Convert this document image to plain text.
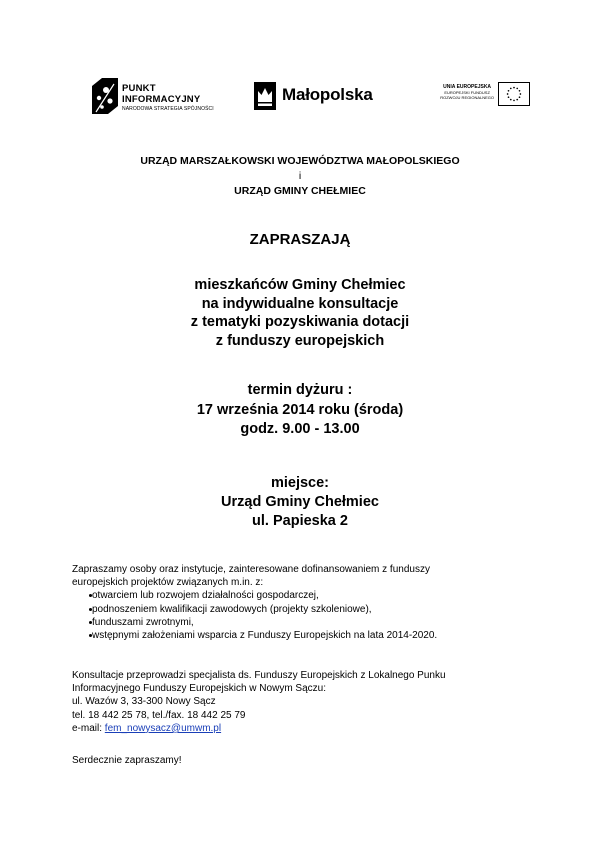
PUNKT
INFORMACYJNY
NARODOWA STRATEGIA SPÓJNOŚCI
Małopolska	UNIA EUROPEJSKA
EUROPEJSKI FUNDUSZ
ROZWOJU REGIONALNEGO
URZĄD MARSZAŁKOWSKI WOJEWÓDZTWA MAŁOPOLSKIEGO
i
URZĄD GMINY CHEŁMIEC
ZAPRASZAJĄ
mieszkańców Gminy Chełmiec
na indywidualne konsultacje
z tematyki pozyskiwania dotacji
z funduszy europejskich
termin dyżuru :
17 września 2014 roku (środa)
godz. 9.00 - 13.00
miejsce:
Urząd Gminy Chełmiec
ul. Papieska 2
Zapraszamy osoby oraz instytucje, zainteresowane dofinansowaniem z funduszy
europejskich projektów związanych m.in. z:
otwarciem lub rozwojem działalności gospodarczej,
podnoszeniem kwalifikacji zawodowych (projekty szkoleniowe),
funduszami zwrotnymi,
wstępnymi założeniami wsparcia z Funduszy Europejskich na lata 2014-2020.
Konsultacje przeprowadzi specjalista ds. Funduszy Europejskich z Lokalnego Punku
Informacyjnego Funduszy Europejskich w Nowym Sączu:
ul. Wazów 3, 33-300 Nowy Sącz
tel. 18 442 25 78, tel./fax. 18 442 25 79
e-mail: fem_nowysacz@umwm.pl
Serdecznie zapraszamy!
